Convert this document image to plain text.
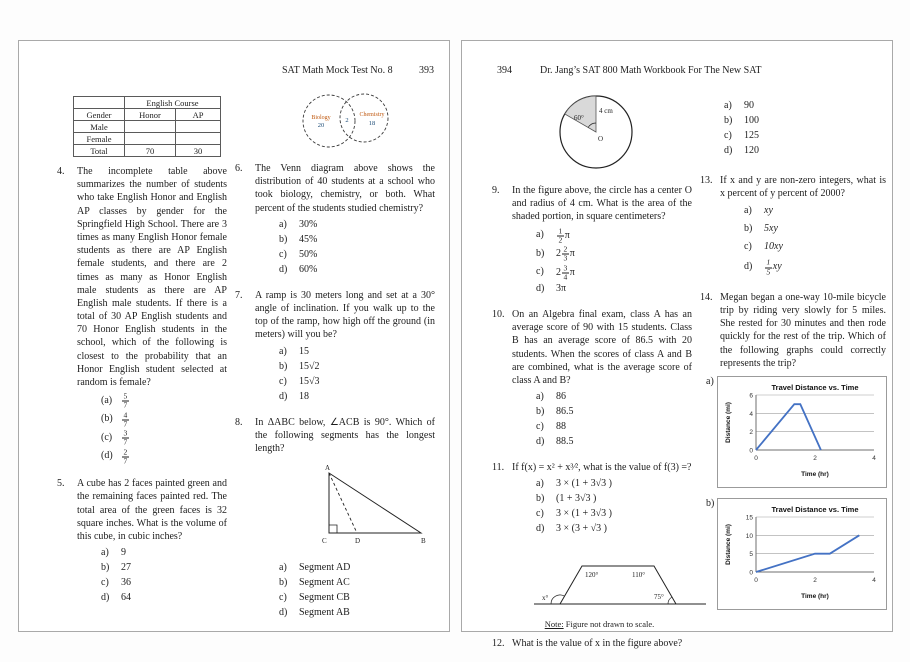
SAT Math Mock Test No. 8	393
	English Course	
Gender	Honor	AP
Male		
Female		
Total	70	30
4.	The incomplete table above summarizes the number of students who take English Honor and English AP classes by gender for the Springfield High School. There are 3 times as many English Honor female students as there are AP English female students, and there are 2 times as many as Honor English male students as there are AP English male students. If there is a total of 30 AP English students and 70 Honor English students in the school, which of the following is closest to the probability that an Honor English student selected at random is female?
$(a) \frac{5}{7}$
$(b) \frac{4}{7}$
$(c) \frac{3}{7}$
$(d) \frac{2}{7}$
5.	A cube has 2 faces painted green and the remaining faces painted red. The total area of the green faces is 32 square inches. What is the volume of this cube, in cubic inches?
a)	9
b)	27
c)	36
d)	64
Biology
20
2
Chemistry
18
6.	The Venn diagram above shows the distribution of 40 students at a school who took biology, chemistry, or both. What percent of the students studied chemistry?
a)	30%
b)	45%
c)	50%
d)	60%
7.	A ramp is 30 meters long and set at a 30° angle of inclination. If you walk up to the top of the ramp, how high off the ground (in meters) will you be?
a)	15
b)	15√2
c)	15√3
d)	18
8.	In ΔABC below, ∠ACB is 90°. Which of the following segments has the longest length?
A
C	D	B
a)	Segment AD
b)	Segment AC
c)	Segment CB
d)	Segment AB
394	Dr. Jang’s SAT 800 Math Workbook For The New SAT
60°
4 cm
O
9.	In the figure above, the circle has a center O and radius of 4 cm. What is the area of the shaded portion, in square centimeters?
a)	$\frac{1}{2}$ π
b)	$2 \frac{2}{3}$ π
c)	$2 \frac{3}{4}$ π
d)	3π
10. On an Algebra final exam, class A has an average score of 90 with 15 students. Class B has an average score of 86.5 with 20 students. When the scores of class A and B are combined, what is the average score of class A and B?
a)	86
b)	86.5
c)	88
d)	88.5
11. If f(x) = x² + x³⁄², what is the value of f(3) =?
a)	3 × (1 + 3√3 )
b)	(1 + 3√3 )
c)	3 × (1 + 3√3 )
d)	3 × (3 + √3 )
120°	110°
x°	75°
Note: Figure not drawn to scale.
12. What is the value of x in the figure above?
a)	90
b)	100
c)	125
d)	120
13. If x and y are non-zero integers, what is x percent of y percent of 2000?
a)	xy
b)	5xy
c)	10xy
d)	$\frac{1}{5}$ xy
14. Megan began a one-way 10-mile bicycle trip by riding very slowly for 5 miles. She rested for 30 minutes and then rode quickly for the rest of the trip. Which of the following graphs could correctly represents the trip?
a)
Travel Distance vs. Time
0
2
4
6
0	2	4
Time (hr)
Distance (mi)
b)
Travel Distance vs. Time
0
5
10
15
0	2	4
Time (hr)
Distance (mi)
